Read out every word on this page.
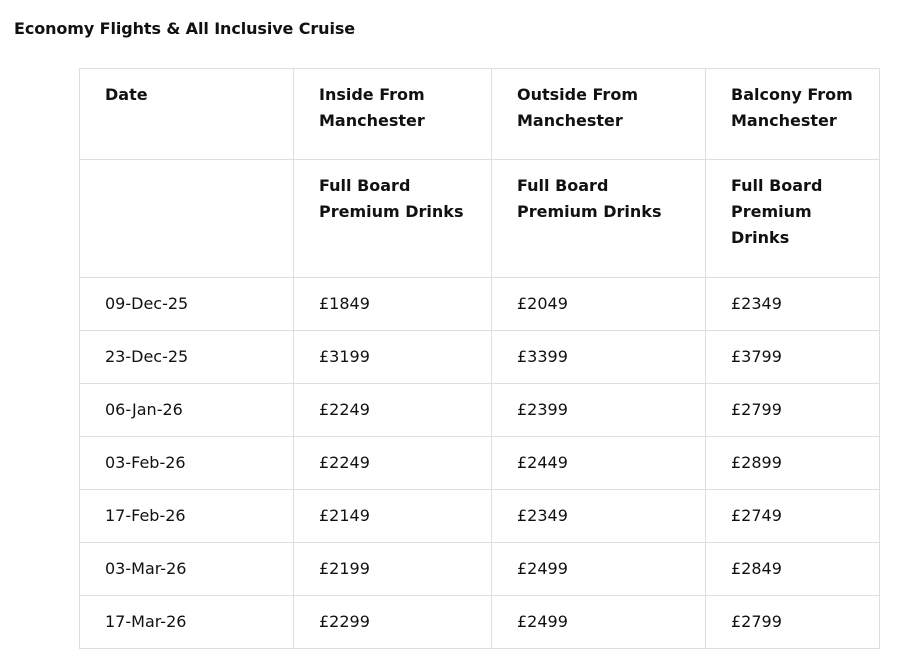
Economy Flights & All Inclusive Cruise
Date	Inside From Manchester	Outside From Manchester	Balcony From Manchester
	Full Board Premium Drinks	Full Board Premium Drinks	Full Board Premium Drinks
09-Dec-25	£1849	£2049	£2349
23-Dec-25	£3199	£3399	£3799
06-Jan-26	£2249	£2399	£2799
03-Feb-26	£2249	£2449	£2899
17-Feb-26	£2149	£2349	£2749
03-Mar-26	£2199	£2499	£2849
17-Mar-26	£2299	£2499	£2799
